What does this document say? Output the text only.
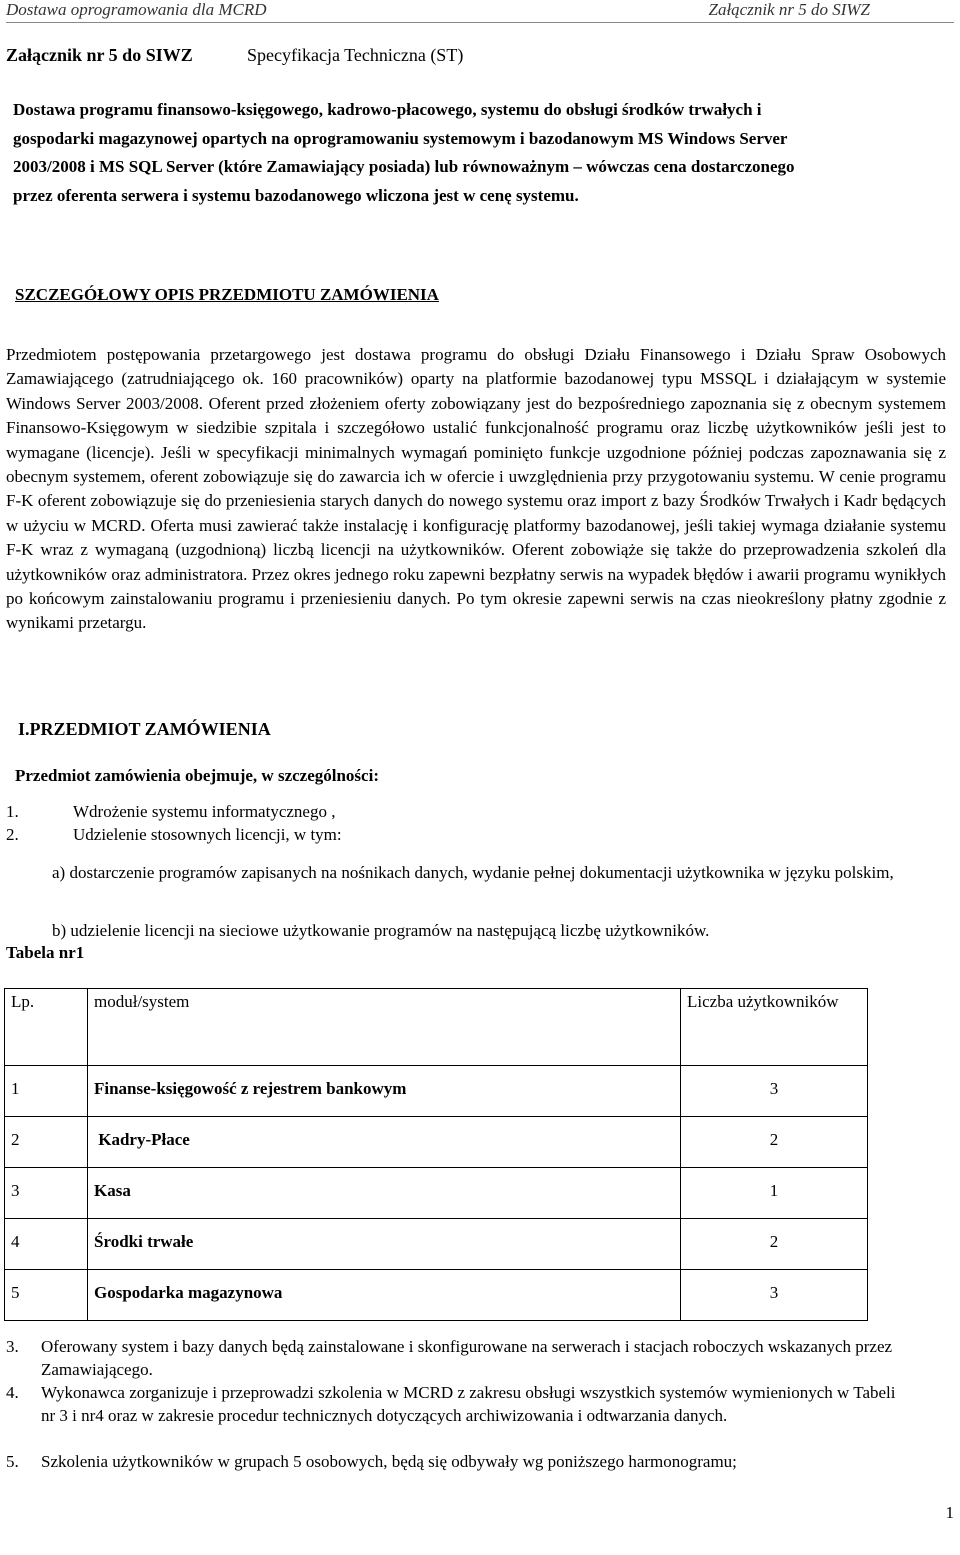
Dostawa oprogramowania dla MCRD	Załącznik nr 5 do SIWZ
Załącznik nr 5 do SIWZ	Specyfikacja Techniczna (ST)
Dostawa programu finansowo-księgowego, kadrowo-płacowego, systemu do obsługi środków trwałych i
gospodarki magazynowej opartych na oprogramowaniu systemowym i bazodanowym MS Windows Server
2003/2008 i MS SQL Server (które Zamawiający posiada) lub równoważnym – wówczas cena dostarczonego
przez oferenta serwera i systemu bazodanowego wliczona jest w cenę systemu.
SZCZEGÓŁOWY OPIS PRZEDMIOTU ZAMÓWIENIA
Przedmiotem postępowania przetargowego jest dostawa programu do obsługi Działu Finansowego i Działu Spraw Osobowych Zamawiającego (zatrudniającego ok. 160 pracowników) oparty na platformie bazodanowej typu MSSQL i działającym w systemie Windows Server 2003/2008. Oferent przed złożeniem oferty zobowiązany jest do bezpośredniego zapoznania się z obecnym systemem Finansowo-Księgowym w siedzibie szpitala i szczegółowo ustalić funkcjonalność programu oraz liczbę użytkowników jeśli jest to wymagane (licencje). Jeśli w specyfikacji minimalnych wymagań pominięto funkcje uzgodnione później podczas zapoznawania się z obecnym systemem, oferent zobowiązuje się do zawarcia ich w ofercie i uwzględnienia przy przygotowaniu systemu. W cenie programu F-K oferent zobowiązuje się do przeniesienia starych danych do nowego systemu oraz import z bazy Środków Trwałych i Kadr będących w użyciu w MCRD. Oferta musi zawierać także instalację i konfigurację platformy bazodanowej, jeśli takiej wymaga działanie systemu F-K wraz z wymaganą (uzgodnioną) liczbą licencji na użytkowników. Oferent zobowiąże się także do przeprowadzenia szkoleń dla użytkowników oraz administratora. Przez okres jednego roku zapewni bezpłatny serwis na wypadek błędów i awarii programu wynikłych po końcowym zainstalowaniu programu i przeniesieniu danych. Po tym okresie zapewni serwis na czas nieokreślony płatny zgodnie z wynikami przetargu.
I.PRZEDMIOT ZAMÓWIENIA
Przedmiot zamówienia obejmuje, w szczególności:
1.	Wdrożenie systemu informatycznego ,
2.	Udzielenie stosownych licencji, w tym:
a) dostarczenie programów zapisanych na nośnikach danych, wydanie pełnej dokumentacji użytkownika w języku polskim,
b) udzielenie licencji na sieciowe użytkowanie programów na następującą liczbę użytkowników.
Tabela nr1
Lp.	moduł/system	Liczba użytkowników
1	Finanse-księgowość z rejestrem bankowym	3
2	Kadry-Płace	2
3	Kasa	1
4	Środki trwałe	2
5	Gospodarka magazynowa	3
3. Oferowany system i bazy danych będą zainstalowane i skonfigurowane na serwerach i stacjach roboczych wskazanych przez Zamawiającego.
4. Wykonawca zorganizuje i przeprowadzi szkolenia w MCRD z zakresu obsługi wszystkich systemów wymienionych w Tabeli nr 3 i nr4 oraz w zakresie procedur technicznych dotyczących archiwizowania i odtwarzania danych.
5. Szkolenia użytkowników w grupach 5 osobowych, będą się odbywały wg poniższego harmonogramu;
1
